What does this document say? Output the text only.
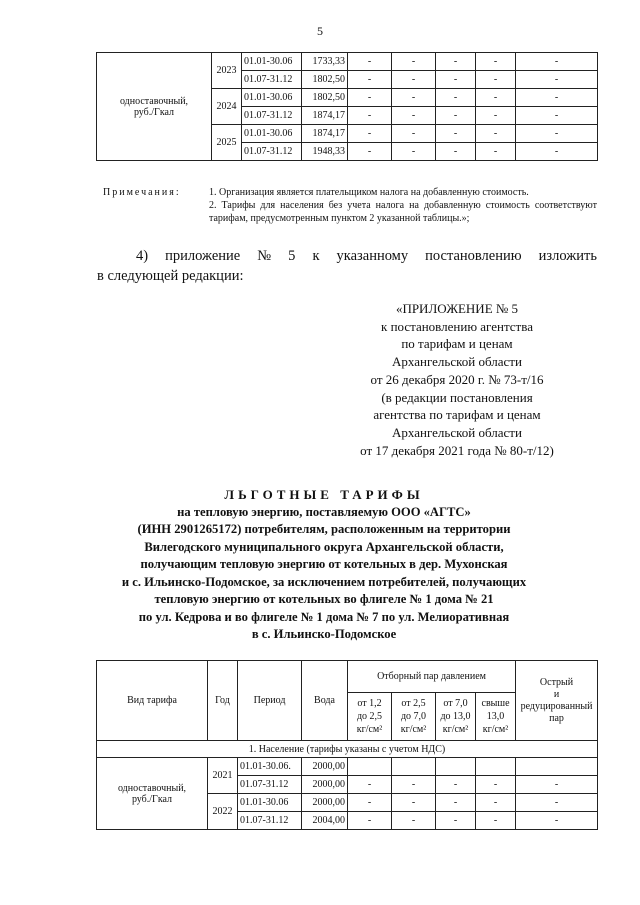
5
одноставочный,
руб./Гкал	2023	01.01-30.06	1733,33	-	-	-	-	-
		01.07-31.12	1802,50	-	-	-	-	-
	2024	01.01-30.06	1802,50	-	-	-	-	-
		01.07-31.12	1874,17	-	-	-	-	-
	2025	01.01-30.06	1874,17	-	-	-	-	-
		01.07-31.12	1948,33	-	-	-	-	-
Примечания:	1. Организация является плательщиком налога на добавленную стоимость.
2. Тарифы для населения без учета налога на добавленную стоимость соответствуют тарифам, предусмотренным пунктом 2 указанной таблицы.»;
4) приложение № 5 к указанному постановлению изложить
в следующей редакции:
«ПРИЛОЖЕНИЕ № 5
к постановлению агентства
по тарифам и ценам
Архангельской области
от 26 декабря 2020 г. № 73-т/16
(в редакции постановления
агентства по тарифам и ценам
Архангельской области
от 17 декабря 2021 года № 80-т/12)
ЛЬГОТНЫЕ ТАРИФЫ
на тепловую энергию, поставляемую ООО «АГТС»
(ИНН 2901265172) потребителям, расположенным на территории
Вилегодского муниципального округа Архангельской области,
получающим тепловую энергию от котельных в дер. Мухонская
и с. Ильинско-Подомское, за исключением потребителей, получающих
тепловую энергию от котельных во флигеле № 1 дома № 21
по ул. Кедрова и во флигеле № 1 дома № 7 по ул. Мелиоративная
в с. Ильинско-Подомское
Вид тарифа	Год	Период	Вода	Отборный пар давлением				Острый
и
редуцированный
пар
				от 1,2
до 2,5
кг/см²	от 2,5
до 7,0
кг/см²	от 7,0
до 13,0
кг/см²	свыше
13,0
кг/см²	
1. Население (тарифы указаны с учетом НДС)								
одноставочный,
руб./Гкал	2021	01.01-30.06.	2000,00					
		01.07-31.12	2000,00	-	-	-	-	-
	2022	01.01-30.06	2000,00	-	-	-	-	-
		01.07-31.12	2004,00	-	-	-	-	-
